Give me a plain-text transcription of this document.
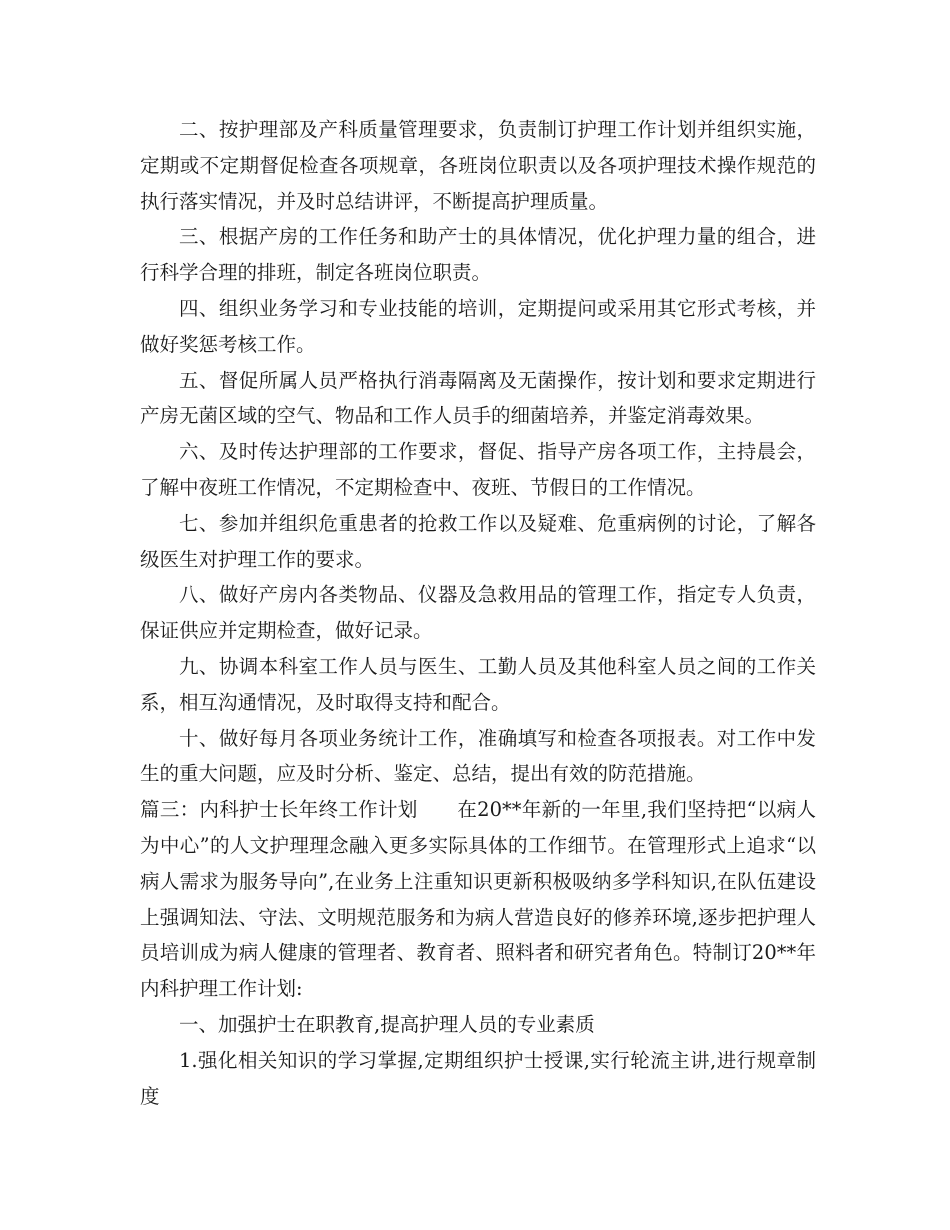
二、按护理部及产科质量管理要求，负责制订护理工作计划并组织实施，定期或不定期督促检查各项规章，各班岗位职责以及各项护理技术操作规范的执行落实情况，并及时总结讲评，不断提高护理质量。

三、根据产房的工作任务和助产士的具体情况，优化护理力量的组合，进行科学合理的排班，制定各班岗位职责。

四、组织业务学习和专业技能的培训，定期提问或采用其它形式考核，并做好奖惩考核工作。

五、督促所属人员严格执行消毒隔离及无菌操作，按计划和要求定期进行产房无菌区域的空气、物品和工作人员手的细菌培养，并鉴定消毒效果。

六、及时传达护理部的工作要求，督促、指导产房各项工作，主持晨会，了解中夜班工作情况，不定期检查中、夜班、节假日的工作情况。

七、参加并组织危重患者的抢救工作以及疑难、危重病例的讨论，了解各级医生对护理工作的要求。

八、做好产房内各类物品、仪器及急救用品的管理工作，指定专人负责，保证供应并定期检查，做好记录。

九、协调本科室工作人员与医生、工勤人员及其他科室人员之间的工作关系，相互沟通情况，及时取得支持和配合。

十、做好每月各项业务统计工作，准确填写和检查各项报表。对工作中发生的重大问题，应及时分析、鉴定、总结，提出有效的防范措施。

篇三：内科护士长年终工作计划　　在20**年新的一年里,我们坚持把“以病人为中心”的人文护理理念融入更多实际具体的工作细节。在管理形式上追求“以病人需求为服务导向”,在业务上注重知识更新积极吸纳多学科知识,在队伍建设上强调知法、守法、文明规范服务和为病人营造良好的修养环境,逐步把护理人员培训成为病人健康的管理者、教育者、照料者和研究者角色。特制订20**年内科护理工作计划:

一、加强护士在职教育,提高护理人员的专业素质

1.强化相关知识的学习掌握,定期组织护士授课,实行轮流主讲,进行规章制度
